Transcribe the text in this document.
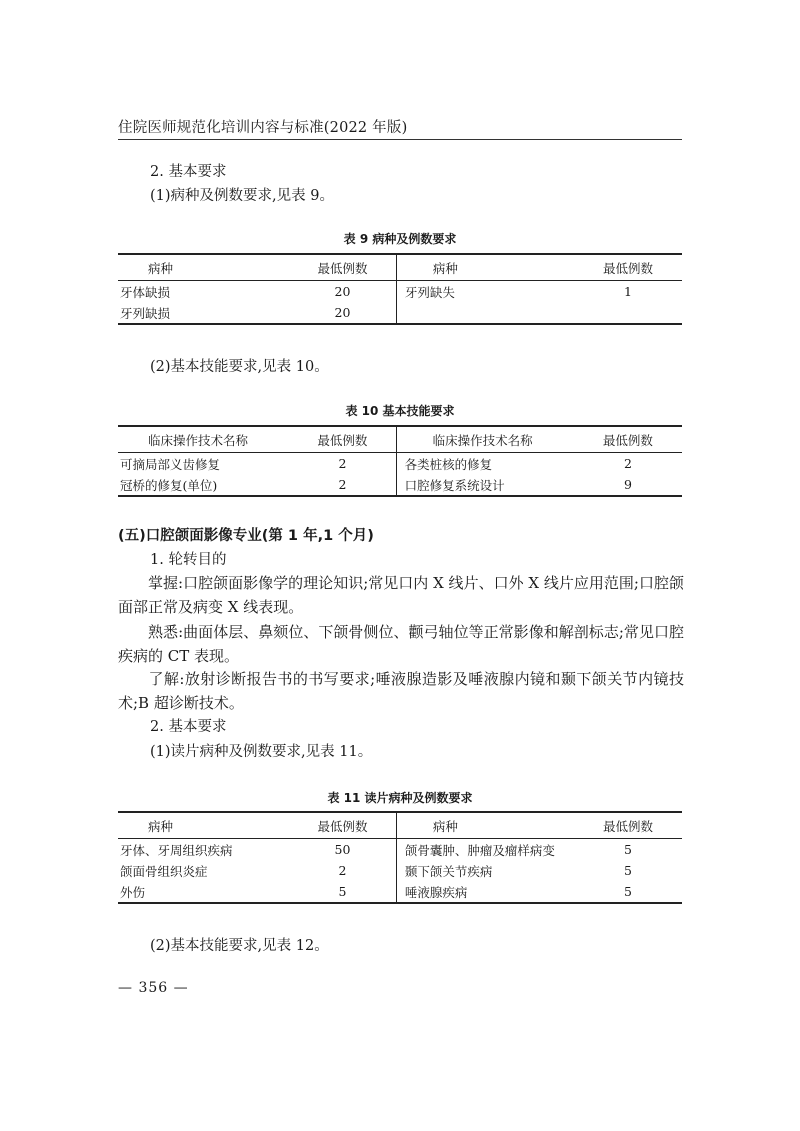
住院医师规范化培训内容与标准(2022 年版)
2. 基本要求
(1)病种及例数要求,见表 9。
表 9 病种及例数要求
病种	最低例数	病种	最低例数
牙体缺损	20	牙列缺失	1
牙列缺损	20		
(2)基本技能要求,见表 10。
表 10 基本技能要求
临床操作技术名称	最低例数	临床操作技术名称	最低例数
可摘局部义齿修复	2	各类桩核的修复	2
冠桥的修复(单位)	2	口腔修复系统设计	9
(五)口腔颌面影像专业(第 1 年,1 个月)
1. 轮转目的
掌握:口腔颌面影像学的理论知识;常见口内 X 线片、口外 X 线片应用范围;口腔颌面部正常及病变 X 线表现。
熟悉:曲面体层、鼻颏位、下颌骨侧位、颧弓轴位等正常影像和解剖标志;常见口腔疾病的 CT 表现。
了解:放射诊断报告书的书写要求;唾液腺造影及唾液腺内镜和颞下颌关节内镜技术;B 超诊断技术。
2. 基本要求
(1)读片病种及例数要求,见表 11。
表 11 读片病种及例数要求
病种	最低例数	病种	最低例数
牙体、牙周组织疾病	50	颌骨囊肿、肿瘤及瘤样病变	5
颌面骨组织炎症	2	颞下颌关节疾病	5
外伤	5	唾液腺疾病	5
(2)基本技能要求,见表 12。
— 356 —
